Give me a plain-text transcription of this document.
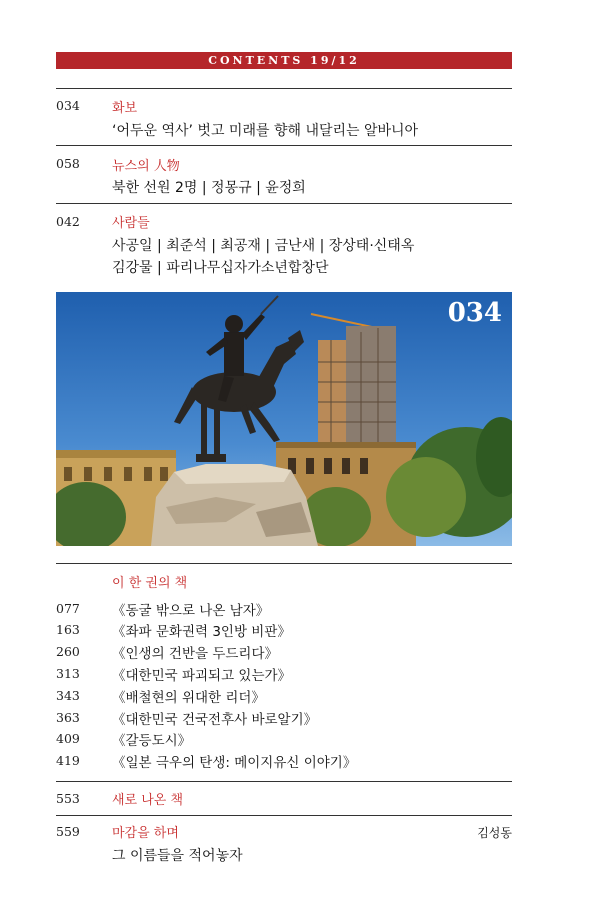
CONTENTS 19/12
034 화보
‘어두운 역사’ 벗고 미래를 향해 내달리는 알바니아
058 뉴스의 人物
북한 선원 2명 | 정몽규 | 윤정희
042 사람들
사공일 | 최준석 | 최공재 | 금난새 | 장상태·신태옥
김강물 | 파리나무십자가소년합창단
034
이 한 권의 책
077 《동굴 밖으로 나온 남자》
163 《좌파 문화권력 3인방 비판》
260 《인생의 건반을 두드리다》
313 《대한민국 파괴되고 있는가》
343 《배철현의 위대한 리더》
363 《대한민국 건국전후사 바로알기》
409 《갈등도시》
419 《일본 극우의 탄생: 메이지유신 이야기》
553 새로 나온 책
559 마감을 하며	김성동
그 이름들을 적어놓자
